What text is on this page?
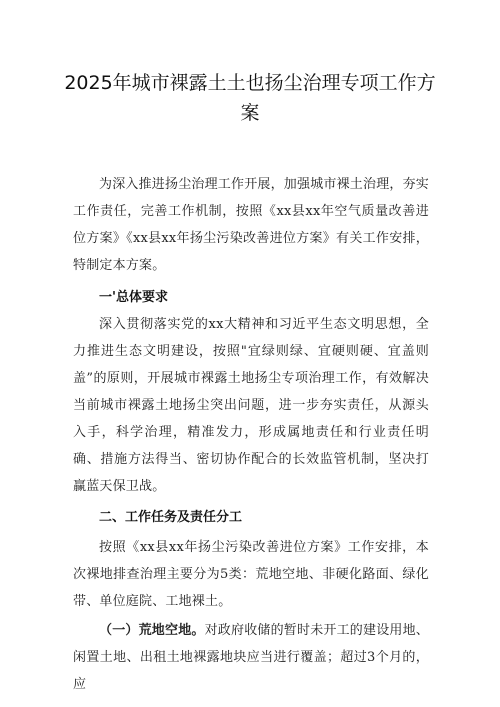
2025年城市裸露土土也扬尘治理专项工作方案

为深入推进扬尘治理工作开展，加强城市裸土治理，夯实工作责任，完善工作机制，按照《xx县xx年空气质量改善进位方案》《xx县xx年扬尘污染改善进位方案》有关工作安排，特制定本方案。

一'总体要求

深入贯彻落实党的xx大精神和习近平生态文明思想，全力推进生态文明建设，按照"宜绿则绿、宜硬则硬、宜盖则盖”的原则，开展城市裸露土地扬尘专项治理工作，有效解决当前城市裸露土地扬尘突出问题，进一步夯实责任，从源头入手，科学治理，精准发力，形成属地责任和行业责任明确、措施方法得当、密切协作配合的长效监管机制，坚决打赢蓝天保卫战。

二、工作任务及责任分工

按照《xx县xx年扬尘污染改善进位方案》工作安排，本次裸地排查治理主要分为5类：荒地空地、非硬化路面、绿化带、单位庭院、工地裸土。

（一）荒地空地。对政府收储的暂时未开工的建设用地、闲置土地、出租土地裸露地块应当进行覆盖；超过3个月的，应
